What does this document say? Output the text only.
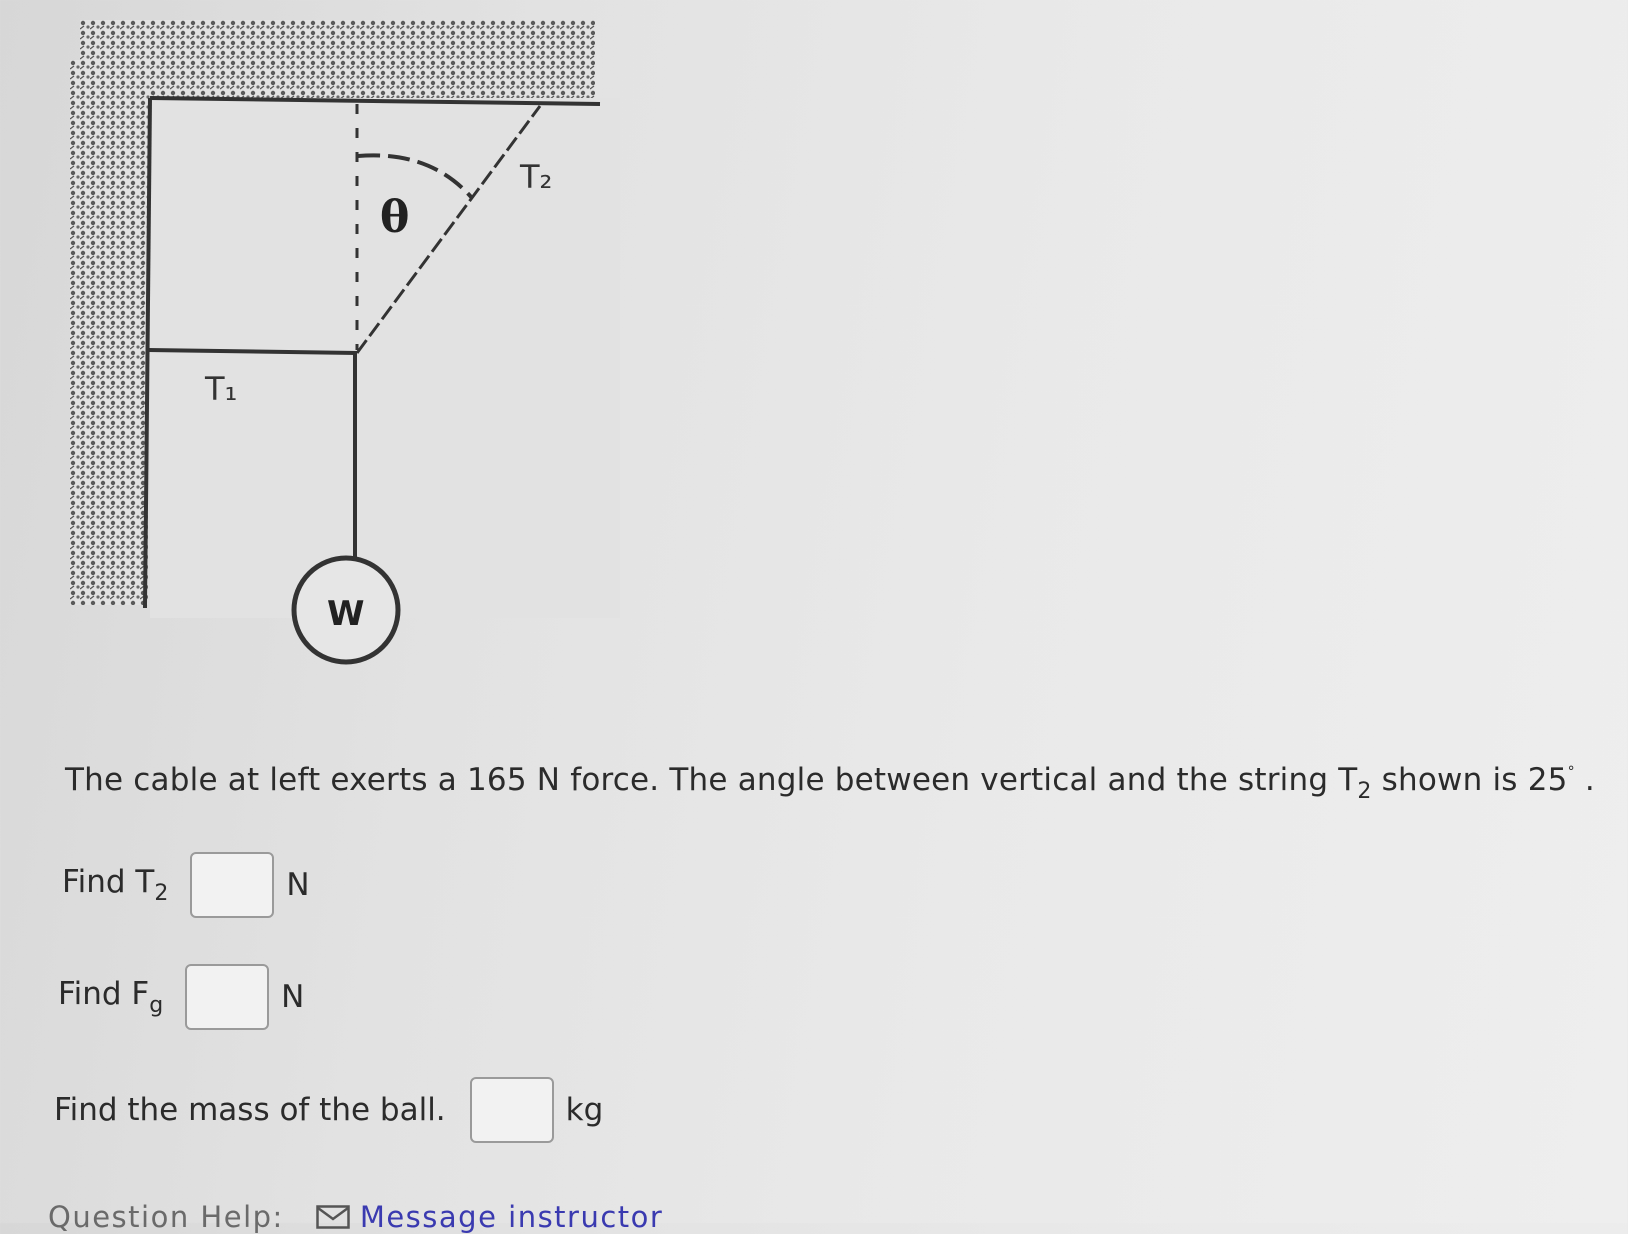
T₁
T₂
θ
W
The cable at left exerts a 165 N force. The angle between vertical and the string $T_2$ shown is 25° .
Find $T_2$	N
Find $F_g$	N
Find the mass of the ball.	kg
Question Help:	Message instructor
